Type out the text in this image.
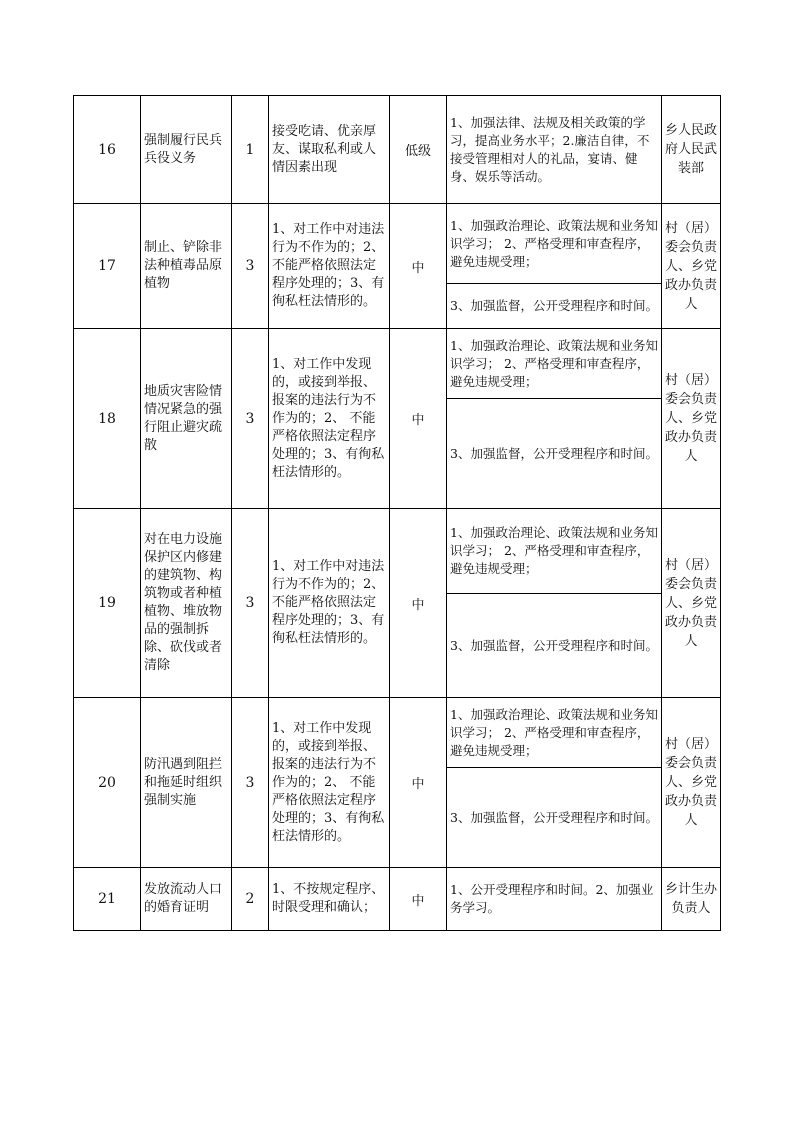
16	强制履行民兵兵役义务	1	接受吃请、优亲厚友、谋取私利或人情因素出现	低级	1、加强法律、法规及相关政策的学习，提高业务水平；2.廉洁自律，不接受管理相对人的礼品，宴请、健身、娱乐等活动。	乡人民政府人民武装部
17	制止、铲除非法种植毒品原植物	3	1、对工作中对违法行为不作为的；2、 不能严格依照法定程序处理的；3、有徇私枉法情形的。	中	1、加强政治理论、政策法规和业务知识学习； 2、严格受理和审查程序，避免违规受理；	村（居）委会负责人、乡党政办负责人
					3、加强监督，公开受理程序和时间。	
18	地质灾害险情情况紧急的强行阻止避灾疏散	3	1、对工作中发现的，或接到举报、报案的违法行为不作为的；2、 不能严格依照法定程序处理的；3、有徇私枉法情形的。	中	1、加强政治理论、政策法规和业务知识学习； 2、严格受理和审查程序，避免违规受理；	村（居）委会负责人、乡党政办负责人
					3、加强监督，公开受理程序和时间。	
19	对在电力设施保护区内修建的建筑物、构筑物或者种植植物、堆放物品的强制拆除、砍伐或者清除	3	1、对工作中对违法行为不作为的；2、 不能严格依照法定程序处理的；3、有徇私枉法情形的。	中	1、加强政治理论、政策法规和业务知识学习； 2、严格受理和审查程序，避免违规受理；	村（居）委会负责人、乡党政办负责人
					3、加强监督，公开受理程序和时间。	
20	防汛遇到阻拦和拖延时组织强制实施	3	1、对工作中发现的，或接到举报、报案的违法行为不作为的；2、 不能严格依照法定程序处理的；3、有徇私枉法情形的。	中	1、加强政治理论、政策法规和业务知识学习； 2、严格受理和审查程序，避免违规受理；	村（居）委会负责人、乡党政办负责人
					3、加强监督，公开受理程序和时间。	
21	发放流动人口的婚育证明	2	1、不按规定程序、时限受理和确认；	中	1、公开受理程序和时间。2、加强业务学习。	乡计生办负责人
